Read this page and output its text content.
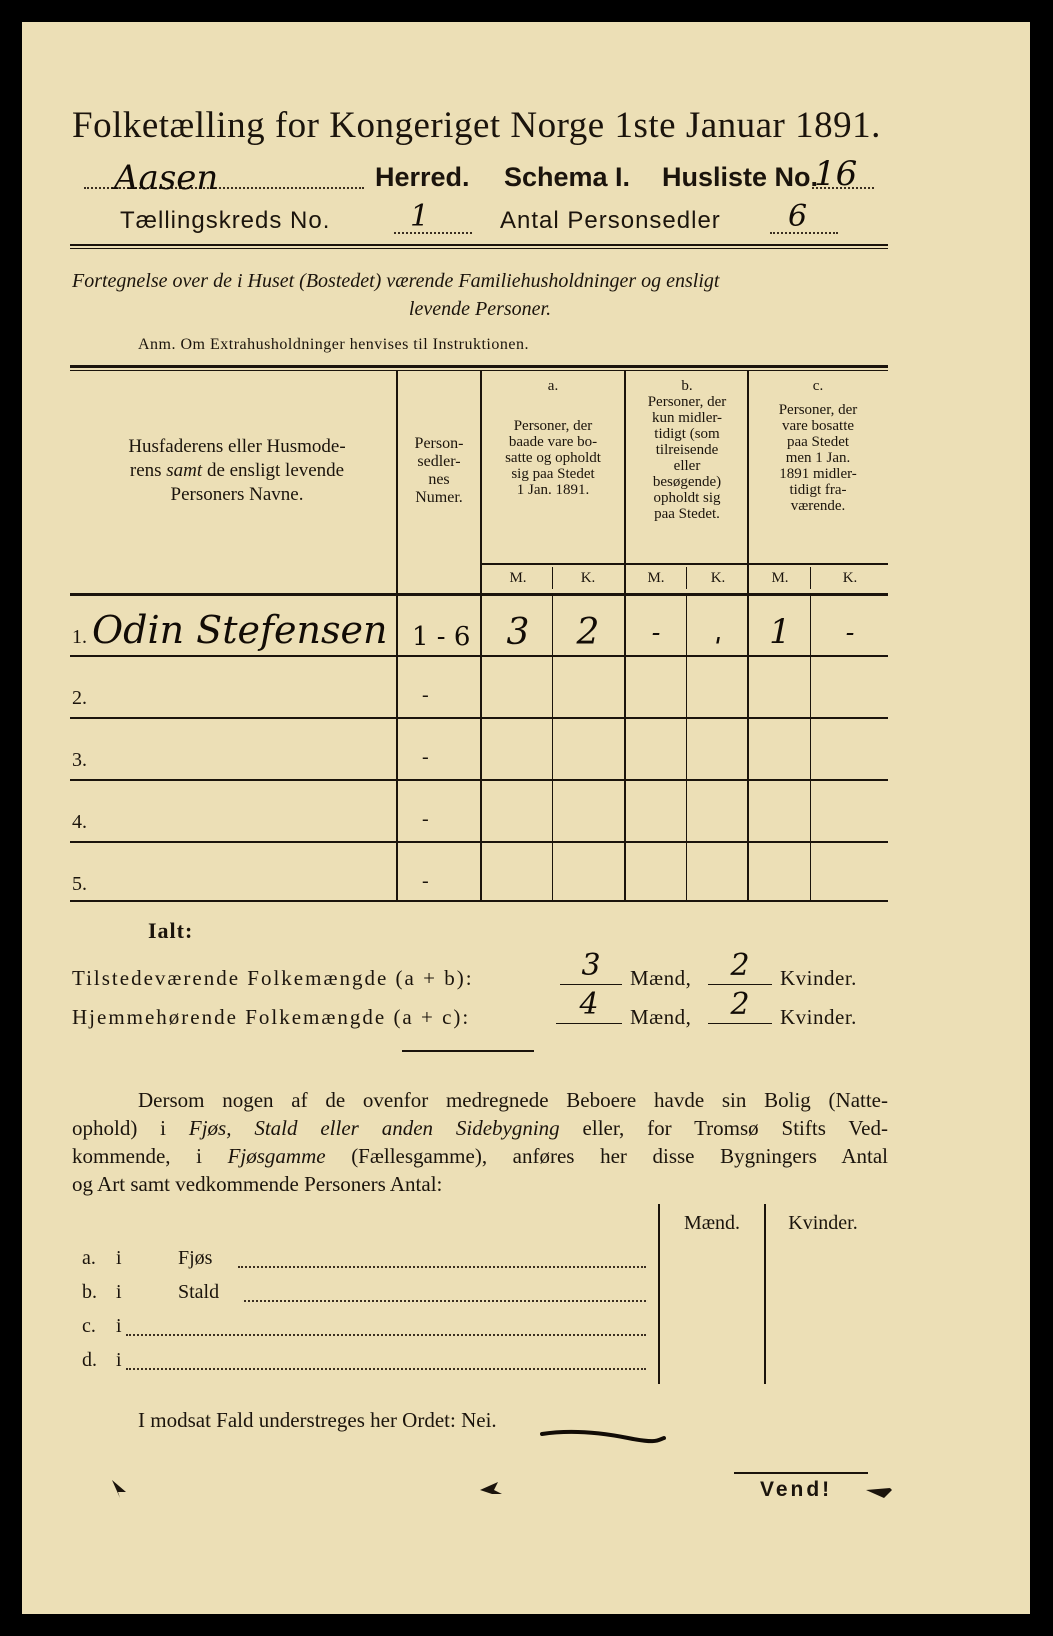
Folketælling for Kongeriget Norge 1ste Januar 1891.
Aasen	Herred. Schema I. Husliste No.
16
Tællingskreds No.	1	Antal Personsedler 6
Fortegnelse over de i Huset (Bostedet) værende Familiehusholdninger og ensligt
levende Personer.
Anm. Om Extrahusholdninger henvises til Instruktionen.
Husfaderens eller Husmode-
rens samt de ensligt levende
Personers Navne.
Person-
sedler-
nes
Numer.
a.
Personer, der
baade vare bo-
satte og opholdt
sig paa Stedet
1 Jan. 1891.
b.
Personer, der
kun midler-
tidigt (som
tilreisende
eller
besøgende)
opholdt sig
paa Stedet.
c.
Personer, der
vare bosatte
paa Stedet
men 1 Jan.
1891 midler-
tidigt fra-
værende.
M.	K.	M.	K.	M.	K.
1. Odin Stefensen 1 - 6	3	2	-	ˌ	1	-
2.	-
3.	-
4.	-
5.	-
Ialt:
Tilstedeværende Folkemængde (a + b):	3	Mænd,	2	Kvinder.
Hjemmehørende Folkemængde (a + c):	4	Mænd,	2	Kvinder.
Dersom nogen af de ovenfor medregnede Beboere havde sin Bolig (Natte-
ophold) i Fjøs, Stald eller anden Sidebygning eller, for Tromsø Stifts Ved-
kommende, i Fjøsgamme (Fællesgamme), anføres her disse Bygningers Antal
og Art samt vedkommende Personers Antal:
Mænd.	Kvinder.
a. i	Fjøs
b. i	Stald
c. i
d. i
I modsat Fald understreges her Ordet: Nei.
Vend!
